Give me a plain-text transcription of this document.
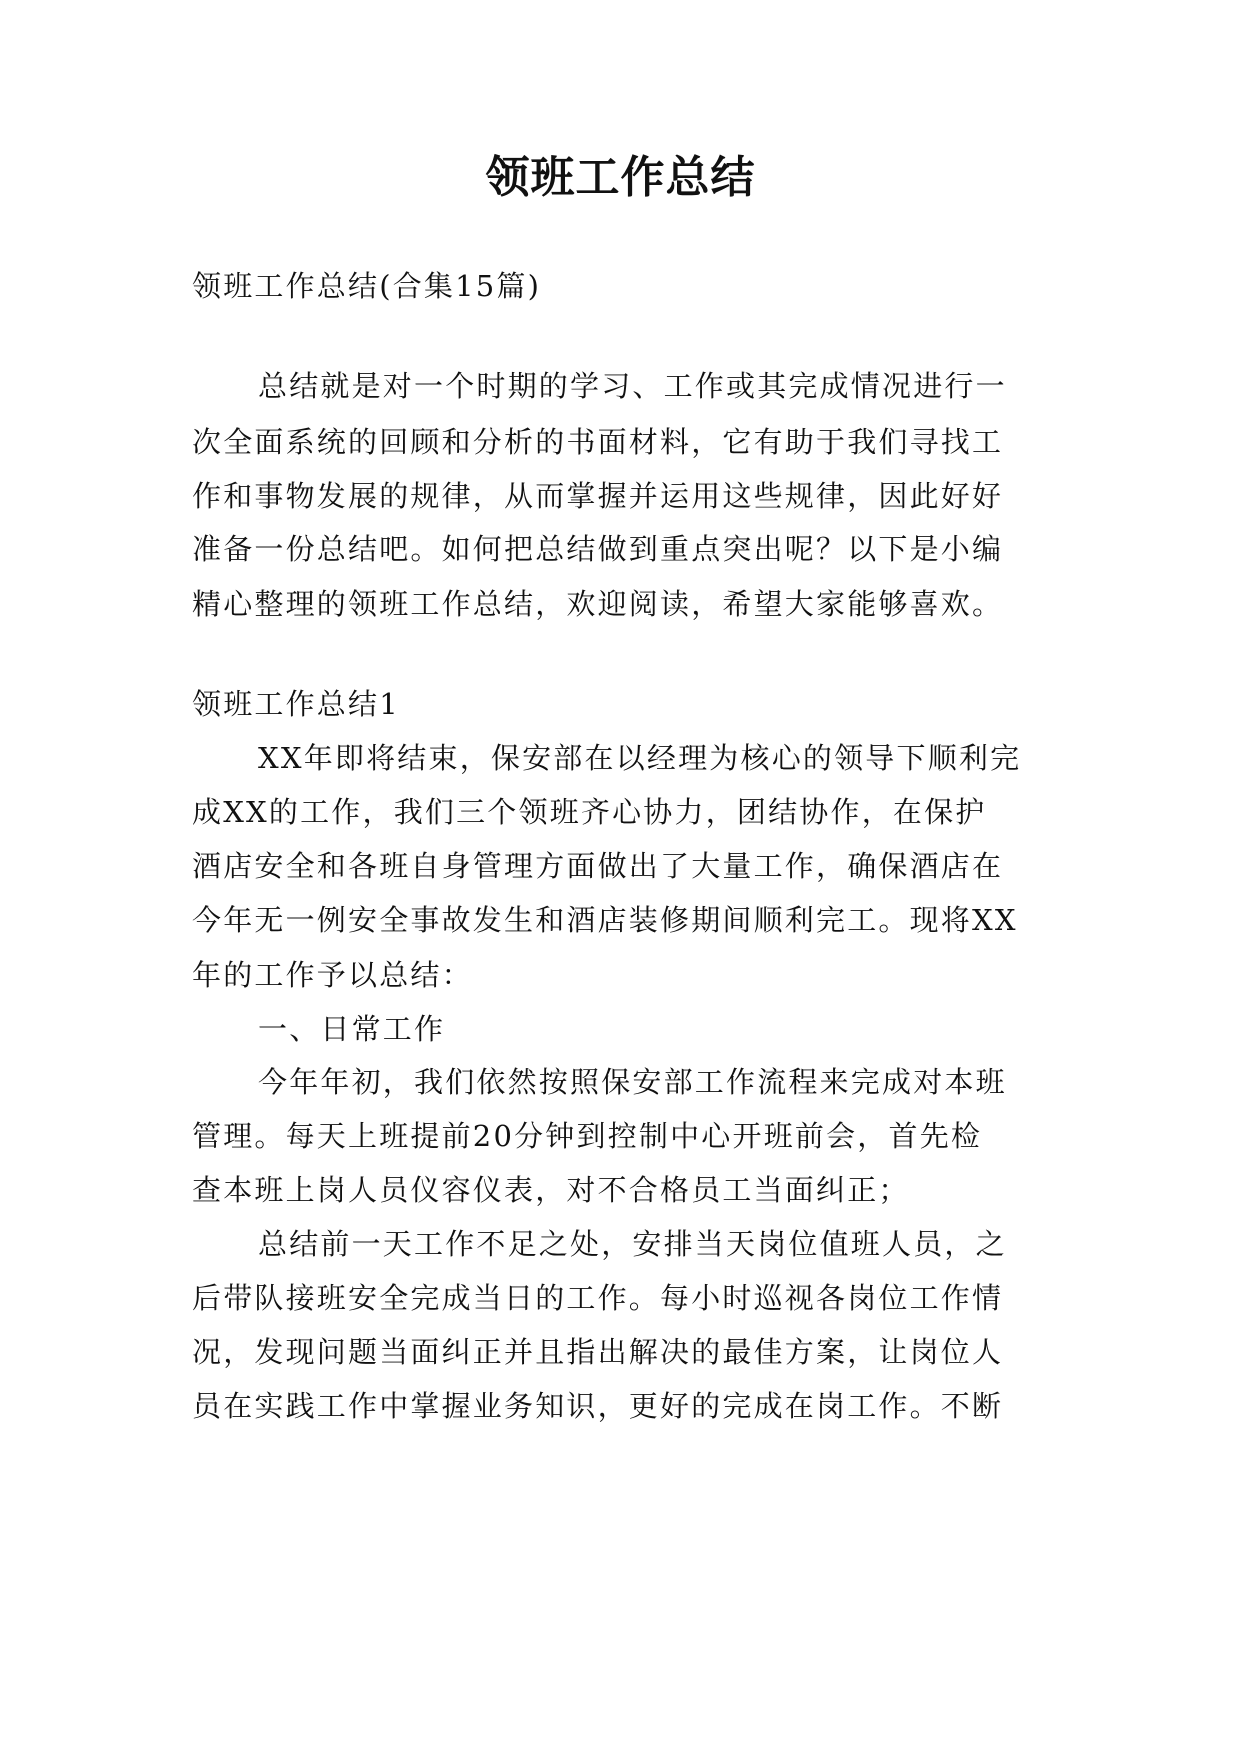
领班工作总结
领班工作总结(合集15篇)
总结就是对一个时期的学习、工作或其完成情况进行一
次全面系统的回顾和分析的书面材料，它有助于我们寻找工
作和事物发展的规律，从而掌握并运用这些规律，因此好好
准备一份总结吧。如何把总结做到重点突出呢？以下是小编
精心整理的领班工作总结，欢迎阅读，希望大家能够喜欢。
领班工作总结1
XX年即将结束，保安部在以经理为核心的领导下顺利完
成XX的工作，我们三个领班齐心协力，团结协作，在保护
酒店安全和各班自身管理方面做出了大量工作，确保酒店在
今年无一例安全事故发生和酒店装修期间顺利完工。现将XX
年的工作予以总结：
一、日常工作
今年年初，我们依然按照保安部工作流程来完成对本班
管理。每天上班提前20分钟到控制中心开班前会，首先检
查本班上岗人员仪容仪表，对不合格员工当面纠正；
总结前一天工作不足之处，安排当天岗位值班人员，之
后带队接班安全完成当日的工作。每小时巡视各岗位工作情
况，发现问题当面纠正并且指出解决的最佳方案，让岗位人
员在实践工作中掌握业务知识，更好的完成在岗工作。不断
